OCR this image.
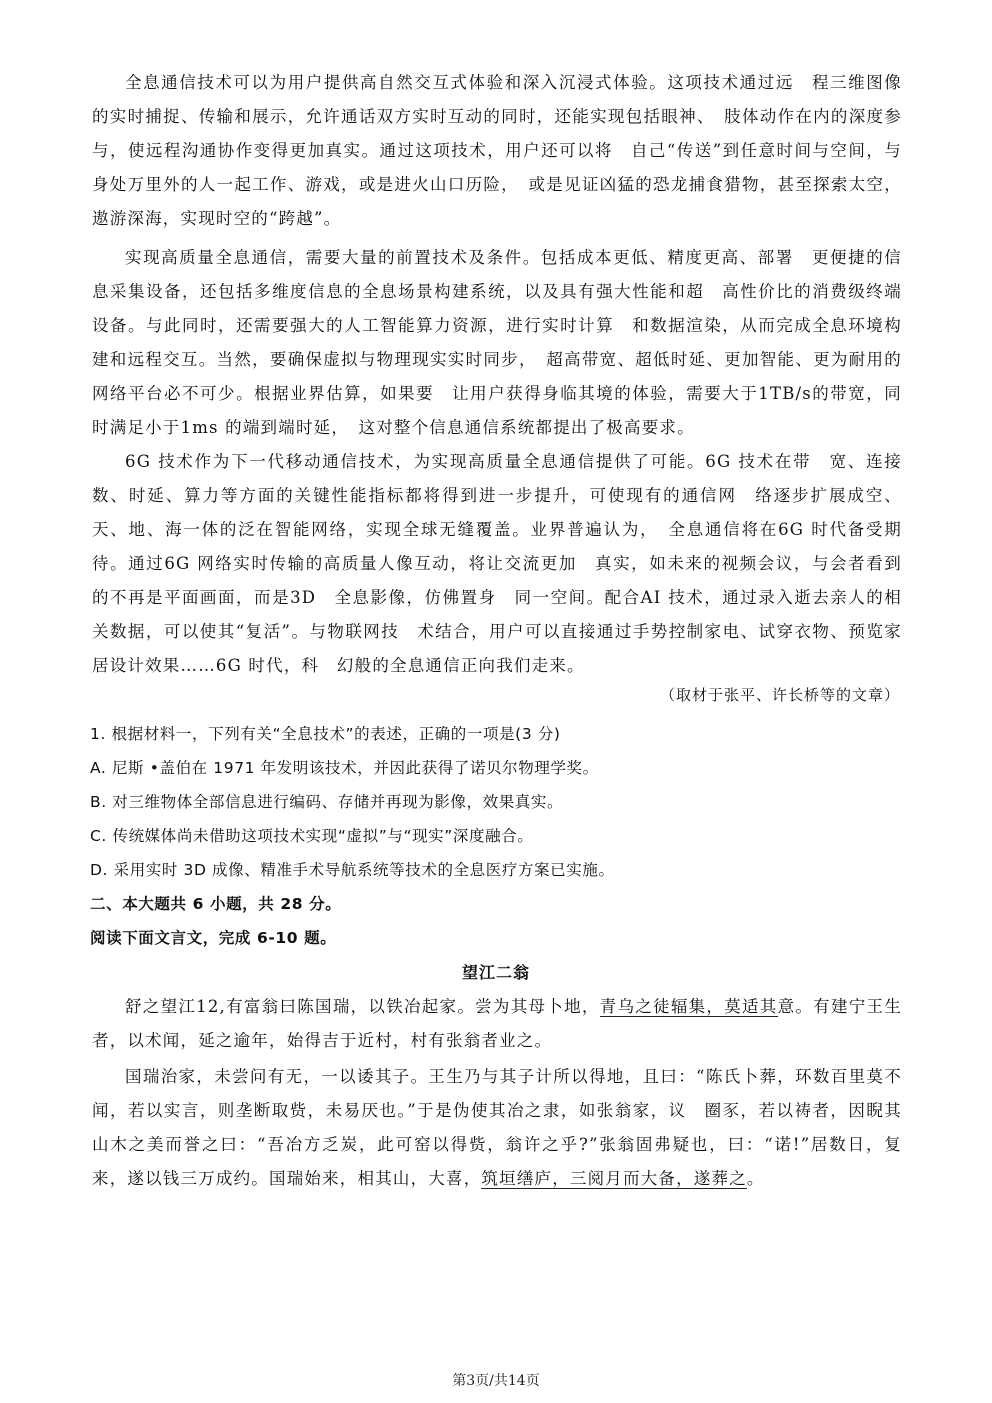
全息通信技术可以为用户提供高自然交互式体验和深入沉浸式体验。这项技术通过远　程三维图像的实时捕捉、传输和展示，允许通话双方实时互动的同时，还能实现包括眼神、　肢体动作在内的深度参与，使远程沟通协作变得更加真实。通过这项技术，用户还可以将　自己“传送”到任意时间与空间，与身处万里外的人一起工作、游戏，或是进火山口历险，　或是见证凶猛的恐龙捕食猎物，甚至探索太空，遨游深海，实现时空的“跨越”。

实现高质量全息通信，需要大量的前置技术及条件。包括成本更低、精度更高、部署　更便捷的信息采集设备，还包括多维度信息的全息场景构建系统，以及具有强大性能和超　高性价比的消费级终端设备。与此同时，还需要强大的人工智能算力资源，进行实时计算　和数据渲染，从而完成全息环境构建和远程交互。当然，要确保虚拟与物理现实实时同步，　超高带宽、超低时延、更加智能、更为耐用的网络平台必不可少。根据业界估算，如果要　让用户获得身临其境的体验，需要大于1TB/s的带宽，同时满足小于1ms 的端到端时延，　这对整个信息通信系统都提出了极高要求。

6G 技术作为下一代移动通信技术，为实现高质量全息通信提供了可能。6G 技术在带　宽、连接数、时延、算力等方面的关键性能指标都将得到进一步提升，可使现有的通信网　络逐步扩展成空、天、地、海一体的泛在智能网络，实现全球无缝覆盖。业界普遍认为，　全息通信将在6G 时代备受期待。通过6G 网络实时传输的高质量人像互动，将让交流更加　真实，如未来的视频会议，与会者看到的不再是平面画面，而是3D　全息影像，仿佛置身　同一空间。配合AI 技术，通过录入逝去亲人的相关数据，可以使其“复活”。与物联网技　术结合，用户可以直接通过手势控制家电、试穿衣物、预览家居设计效果……6G 时代，科　幻般的全息通信正向我们走来。

（取材于张平、许长桥等的文章）
1. 根据材料一，下列有关“全息技术”的表述，正确的一项是(3 分)
A. 尼斯 •盖伯在 1971 年发明该技术，并因此获得了诺贝尔物理学奖。
B. 对三维物体全部信息进行编码、存储并再现为影像，效果真实。
C. 传统媒体尚未借助这项技术实现“虚拟”与“现实”深度融合。
D. 采用实时 3D 成像、精准手术导航系统等技术的全息医疗方案已实施。
二、本大题共 6 小题，共 28 分。
阅读下面文言文，完成 6-10 题。
望江二翁

舒之望江12,有富翁曰陈国瑞，以铁冶起家。尝为其母卜地，青乌之徒辐集，莫适其意。有建宁王生者，以术闻，延之逾年，始得吉于近村，村有张翁者业之。

国瑞治家，未尝问有无，一以诿其子。王生乃与其子计所以得地，且曰：“陈氏卜葬，环数百里莫不闻，若以实言，则垄断取赀，未易厌也。”于是伪使其冶之隶，如张翁家，议　圈豕，若以祷者，因睨其山木之美而誉之曰：“吾冶方乏炭，此可窑以得赀，翁许之乎?”张翁固弗疑也，曰：“诺!”居数日，复来，遂以钱三万成约。国瑞始来，相其山，大喜，筑垣缮庐，三阅月而大备，遂葬之。

第3页/共14页
